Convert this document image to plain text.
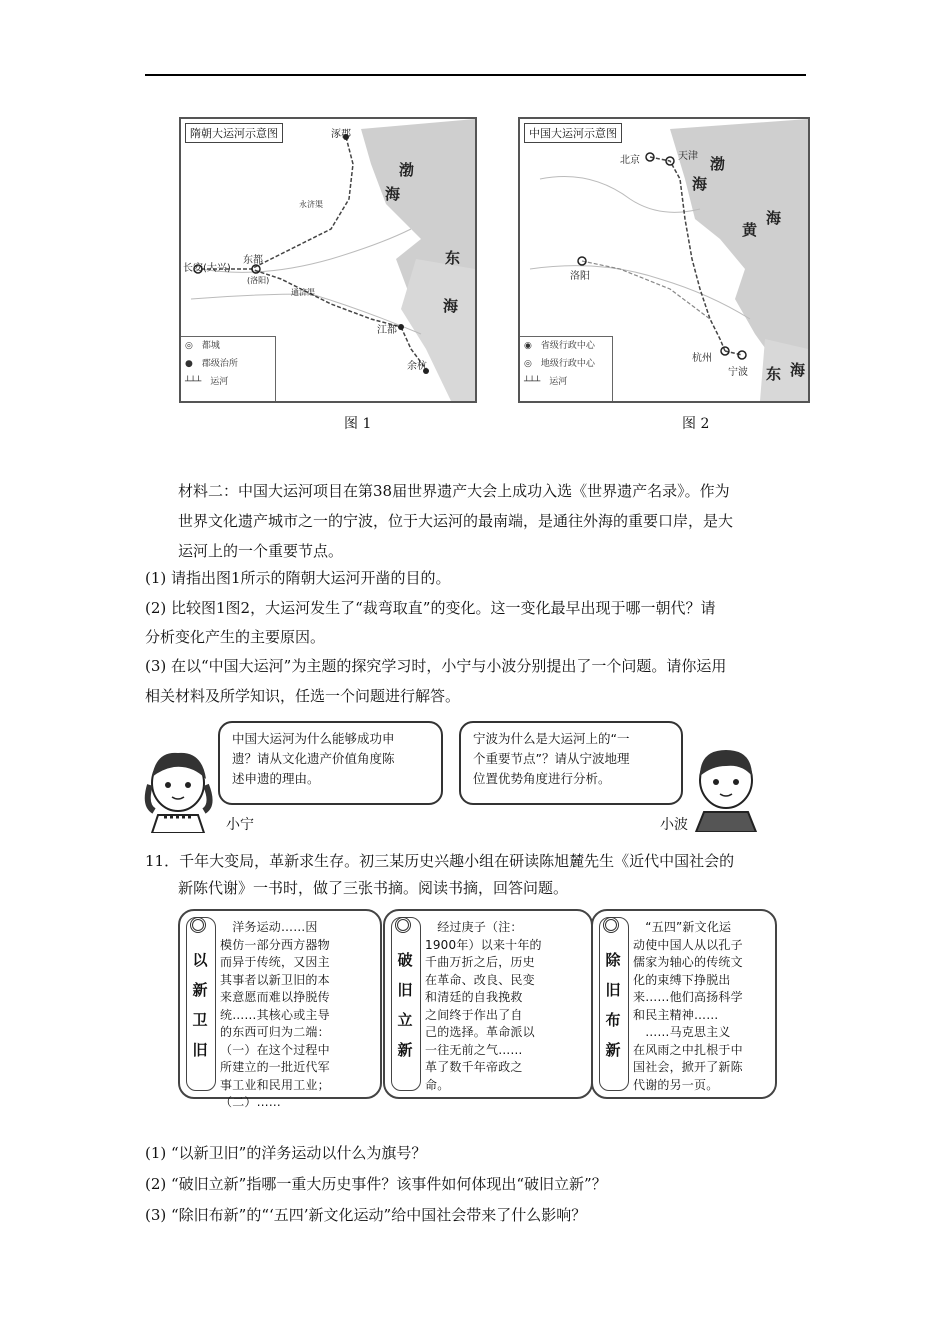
隋朝大运河示意图	涿郡
长安(大兴)
东都
(洛阳)
通济渠
永济渠
江都
余杭
渤
海
东
海
◎　都城
●　郡级治所
┴┴┴　运河
图 1
中国大运河示意图
北京	天津
洛阳
杭州
宁波
渤
海
黄
海
东 海
◉　省级行政中心
◎　地级行政中心
┴┴┴　运河
图 2
材料二：中国大运河项目在第38届世界遗产大会上成功入选《世界遗产名录》。作为
世界文化遗产城市之一的宁波，位于大运河的最南端，是通往外海的重要口岸，是大
运河上的一个重要节点。
(1) 请指出图1所示的隋朝大运河开凿的目的。
(2) 比较图1图2，大运河发生了“裁弯取直”的变化。这一变化最早出现于哪一朝代？请
分析变化产生的主要原因。
(3) 在以“中国大运河”为主题的探究学习时，小宁与小波分别提出了一个问题。请你运用
相关材料及所学知识，任选一个问题进行解答。
小宁
中国大运河为什么能够成功申
遗？请从文化遗产价值角度陈
述申遗的理由。
宁波为什么是大运河上的“一
个重要节点”？请从宁波地理
位置优势角度进行分析。
小波
11．千年大变局，革新求生存。初三某历史兴趣小组在研读陈旭麓先生《近代中国社会的
新陈代谢》一书时，做了三张书摘。阅读书摘，回答问题。
以
新
卫
旧
　洋务运动……因
模仿一部分西方器物
而异于传统，又因主
其事者以新卫旧的本
来意愿而难以挣脱传
统……其核心或主导
的东西可归为二端：
（一）在这个过程中
所建立的一批近代军
事工业和民用工业；
（二）……
破
旧
立
新
　经过庚子（注：
1900年）以来十年的
千曲万折之后，历史
在革命、改良、民变
和清廷的自我挽救
之间终于作出了自
己的选择。革命派以
一往无前之气……
革了数千年帝政之
命。
除
旧
布
新
　“五四”新文化运
动使中国人从以孔子
儒家为轴心的传统文
化的束缚下挣脱出
来……他们高扬科学
和民主精神……
　……马克思主义
在风雨之中扎根于中
国社会，掀开了新陈
代谢的另一页。
(1) “以新卫旧”的洋务运动以什么为旗号？
(2) “破旧立新”指哪一重大历史事件？该事件如何体现出“破旧立新”？
(3) “除旧布新”的“‘五四’新文化运动”给中国社会带来了什么影响？
